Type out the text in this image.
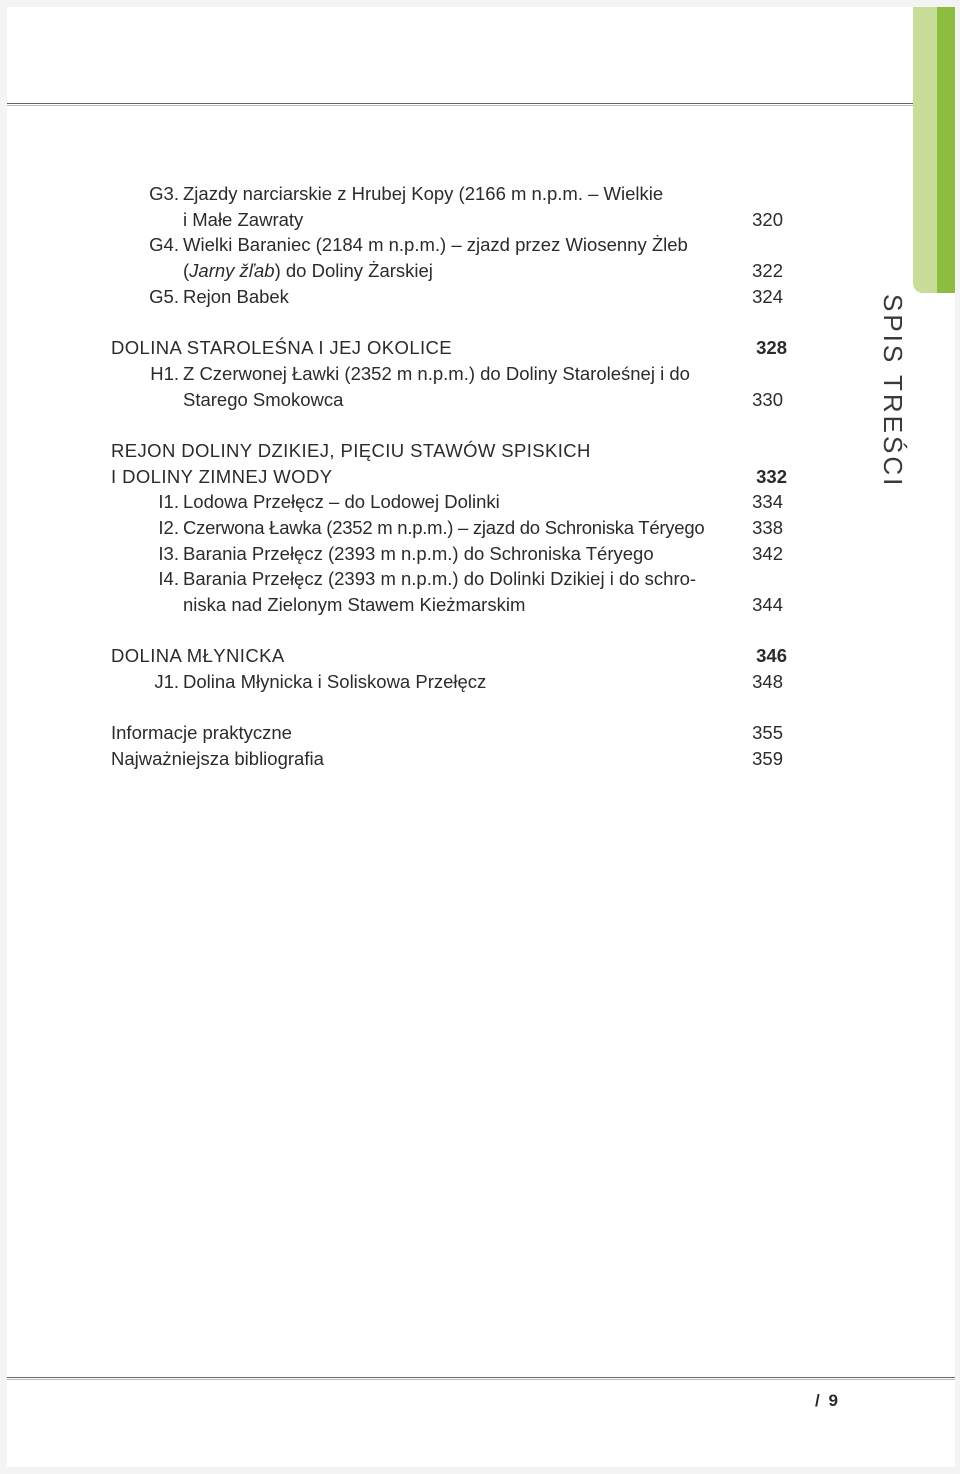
SPIS TREŚCI
G3. Zjazdy narciarskie z Hrubej Kopy (2166 m n.p.m. – Wielkie
i Małe Zawraty	320
G4. Wielki Baraniec (2184 m n.p.m.) – zjazd przez Wiosenny Żleb
(Jarny žľab) do Doliny Żarskiej	322
G5. Rejon Babek	324
DOLINA STAROLEŚNA I JEJ OKOLICE	328
H1. Z Czerwonej Ławki (2352 m n.p.m.) do Doliny Staroleśnej i do
Starego Smokowca	330
REJON DOLINY DZIKIEJ, PIĘCIU STAWÓW SPISKICH
I DOLINY ZIMNEJ WODY	332
I1. Lodowa Przełęcz – do Lodowej Dolinki	334
I2. Czerwona Ławka (2352 m n.p.m.) – zjazd do Schroniska Téryego	338
I3. Barania Przełęcz (2393 m n.p.m.) do Schroniska Téryego	342
I4. Barania Przełęcz (2393 m n.p.m.) do Dolinki Dzikiej i do schro-
niska nad Zielonym Stawem Kieżmarskim	344
DOLINA MŁYNICKA	346
J1. Dolina Młynicka i Soliskowa Przełęcz	348
Informacje praktyczne	355
Najważniejsza bibliografia	359
/ 9
